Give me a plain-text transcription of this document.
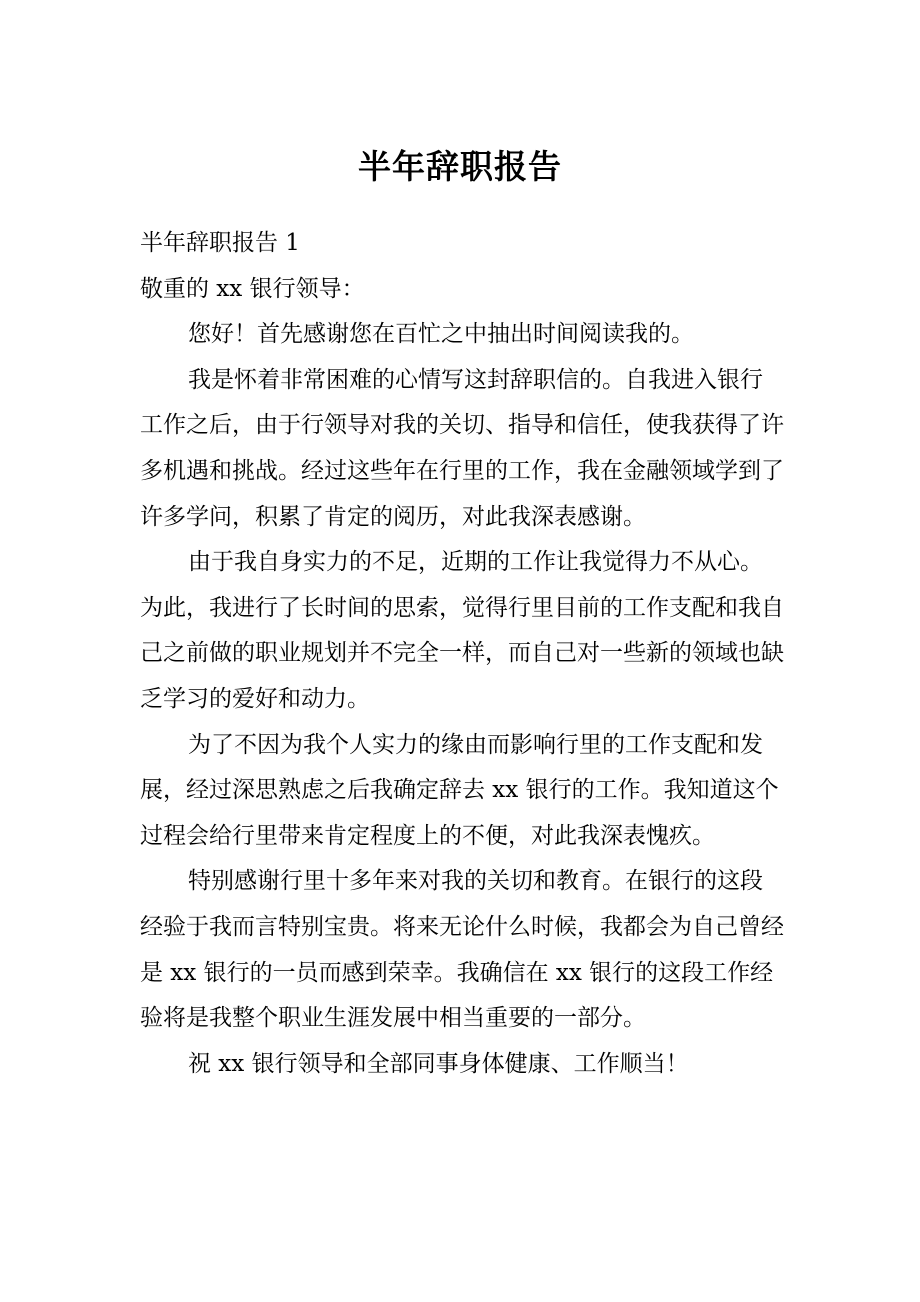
半年辞职报告

半年辞职报告 1

敬重的 xx 银行领导：

您好！首先感谢您在百忙之中抽出时间阅读我的。

我是怀着非常困难的心情写这封辞职信的。自我进入银行工作之后，由于行领导对我的关切、指导和信任，使我获得了许多机遇和挑战。经过这些年在行里的工作，我在金融领域学到了许多学问，积累了肯定的阅历，对此我深表感谢。

由于我自身实力的不足，近期的工作让我觉得力不从心。为此，我进行了长时间的思索，觉得行里目前的工作支配和我自己之前做的职业规划并不完全一样，而自己对一些新的领域也缺乏学习的爱好和动力。

为了不因为我个人实力的缘由而影响行里的工作支配和发展，经过深思熟虑之后我确定辞去 xx 银行的工作。我知道这个过程会给行里带来肯定程度上的不便，对此我深表愧疚。

特别感谢行里十多年来对我的关切和教育。在银行的这段经验于我而言特别宝贵。将来无论什么时候，我都会为自己曾经是 xx 银行的一员而感到荣幸。我确信在 xx 银行的这段工作经验将是我整个职业生涯发展中相当重要的一部分。

祝 xx 银行领导和全部同事身体健康、工作顺当！
